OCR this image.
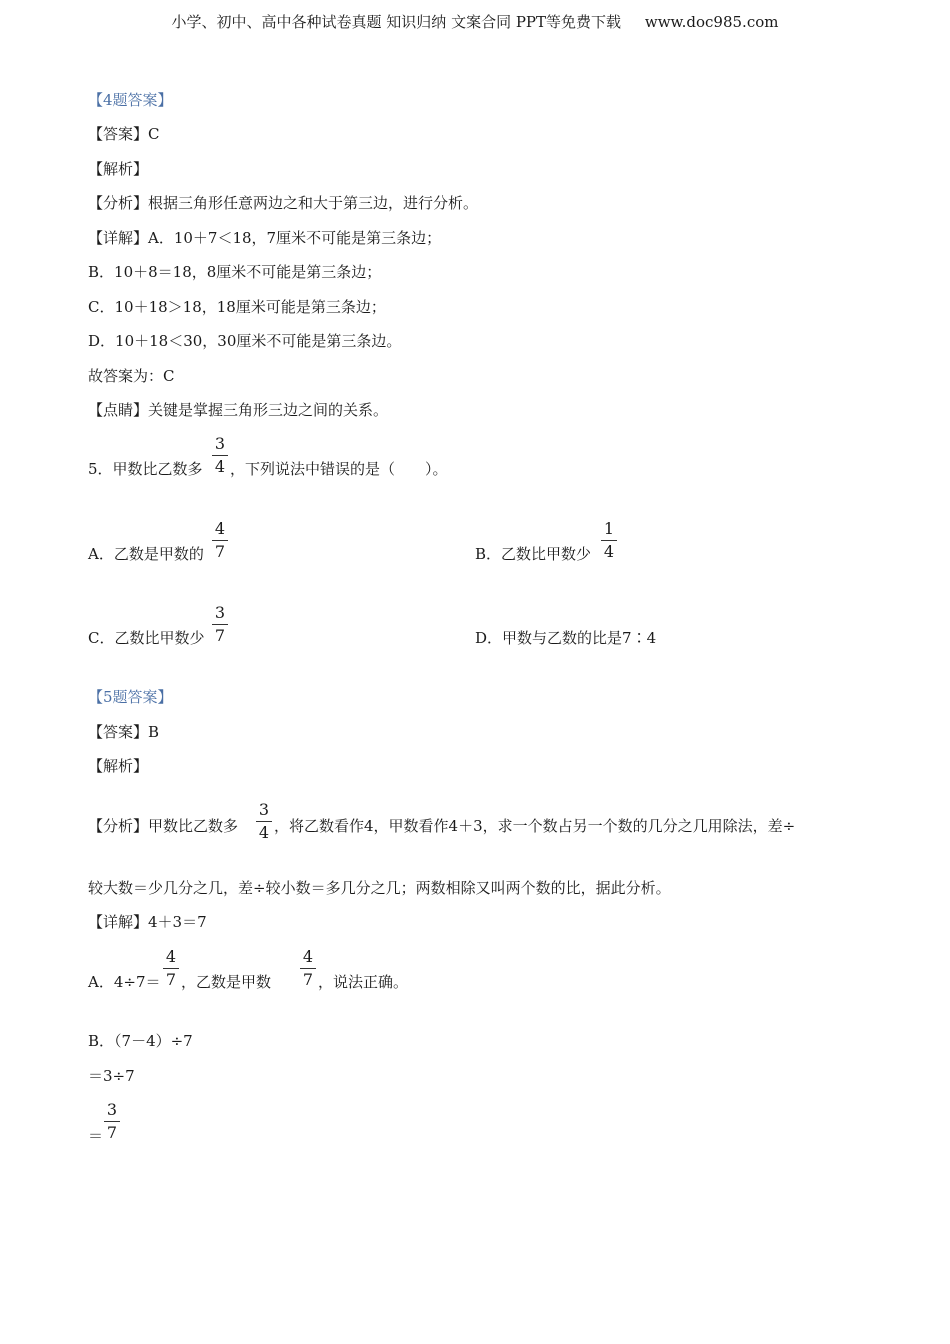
小学、初中、高中各种试卷真题 知识归纳 文案合同 PPT等免费下载 www.doc985.com
【4题答案】
【答案】C
【解析】
【分析】根据三角形任意两边之和大于第三边，进行分析。
【详解】A．10＋7＜18，7厘米不可能是第三条边；
B．10＋8＝18，8厘米不可能是第三条边；
C．10＋18＞18，18厘米可能是第三条边；
D．10＋18＜30，30厘米不可能是第三条边。
故答案为：C
【点睛】关键是掌握三角形三边之间的关系。
5．甲数比乙数多 $\frac{3}{4}$ ，下列说法中错误的是（　　）。
A．乙数是甲数的 $\frac{4}{7}$	B．乙数比甲数少 $\frac{1}{4}$
C．乙数比甲数少 $\frac{3}{7}$	D．甲数与乙数的比是7∶4
【5题答案】
【答案】B
【解析】
【分析】甲数比乙数多 $\frac{3}{4}$ ，将乙数看作4，甲数看作4＋3，求一个数占另一个数的几分之几用除法，差÷
较大数＝少几分之几，差÷较小数＝多几分之几；两数相除又叫两个数的比，据此分析。
【详解】4＋3＝7
A．$4\div 7= \frac{4}{7}$ ，乙数是甲数 $\frac{4}{7}$ ，说法正确。
B．（7－4）÷7
＝3÷7
＝ $\frac{3}{7}$
